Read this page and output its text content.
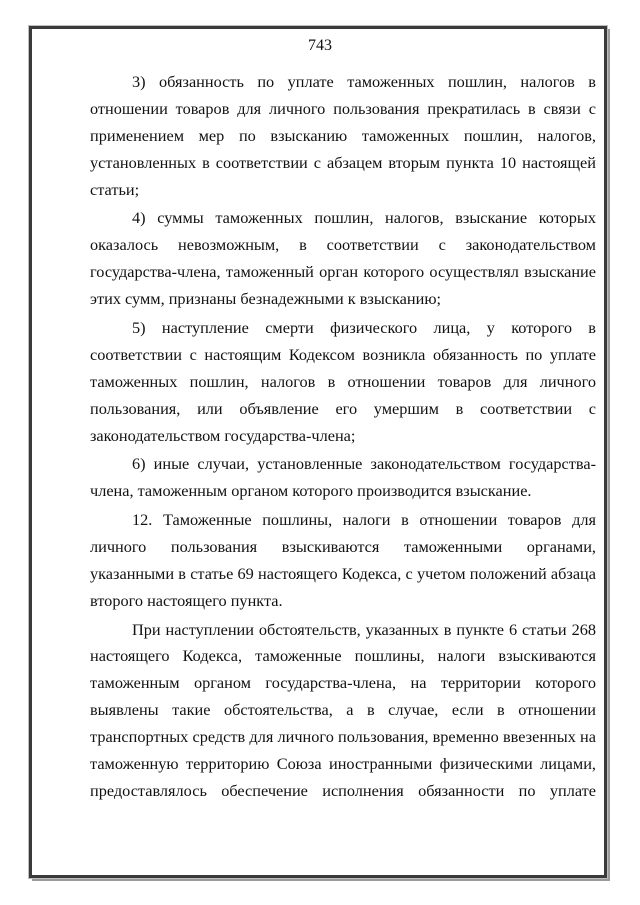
743

3) обязанность по уплате таможенных пошлин, налогов в отношении товаров для личного пользования прекратилась в связи с применением мер по взысканию таможенных пошлин, налогов, установленных в соответствии с абзацем вторым пункта 10 настоящей статьи;

4) суммы таможенных пошлин, налогов, взыскание которых оказалось невозможным, в соответствии с законодательством государства-члена, таможенный орган которого осуществлял взыскание этих сумм, признаны безнадежными к взысканию;

5) наступление смерти физического лица, у которого в соответствии с настоящим Кодексом возникла обязанность по уплате таможенных пошлин, налогов в отношении товаров для личного пользования, или объявление его умершим в соответствии с законодательством государства-члена;

6) иные случаи, установленные законодательством государства-члена, таможенным органом которого производится взыскание.

12. Таможенные пошлины, налоги в отношении товаров для личного пользования взыскиваются таможенными органами, указанными в статье 69 настоящего Кодекса, с учетом положений абзаца второго настоящего пункта.

При наступлении обстоятельств, указанных в пункте 6 статьи 268 настоящего Кодекса, таможенные пошлины, налоги взыскиваются таможенным органом государства-члена, на территории которого выявлены такие обстоятельства, а в случае, если в отношении транспортных средств для личного пользования, временно ввезенных на таможенную территорию Союза иностранными физическими лицами, предоставлялось обеспечение исполнения обязанности по уплате
